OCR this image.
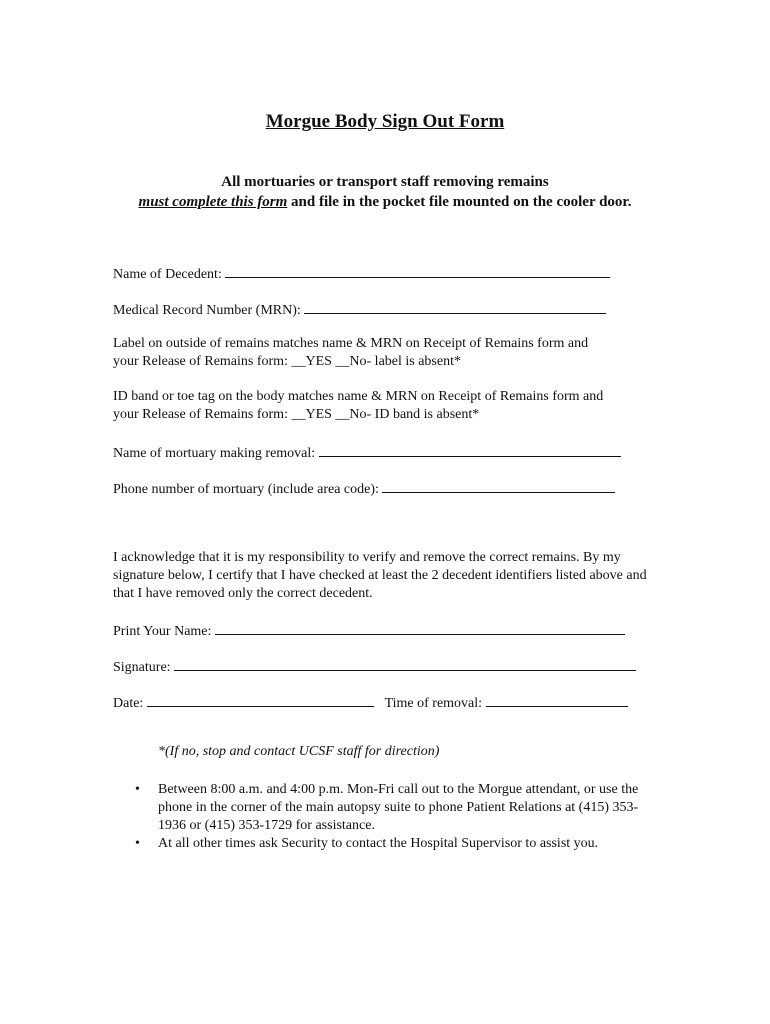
Morgue Body Sign Out Form
All mortuaries or transport staff removing remains
must complete this form and file in the pocket file mounted on the cooler door.
Name of Decedent:
Medical Record Number (MRN):
Label on outside of remains matches name & MRN on Receipt of Remains form and
your Release of Remains form: __YES __No- label is absent*
ID band or toe tag on the body matches name & MRN on Receipt of Remains form and
your Release of Remains form: __YES __No- ID band is absent*
Name of mortuary making removal:
Phone number of mortuary (include area code):
I acknowledge that it is my responsibility to verify and remove the correct remains. By my signature below, I certify that I have checked at least the 2 decedent identifiers listed above and that I have removed only the correct decedent.
Print Your Name:
Signature:
Date:	Time of removal:
*(If no, stop and contact UCSF staff for direction)
• Between 8:00 a.m. and 4:00 p.m. Mon-Fri call out to the Morgue attendant, or use the phone in the corner of the main autopsy suite to phone Patient Relations at (415) 353-1936 or (415) 353-1729 for assistance.
• At all other times ask Security to contact the Hospital Supervisor to assist you.
